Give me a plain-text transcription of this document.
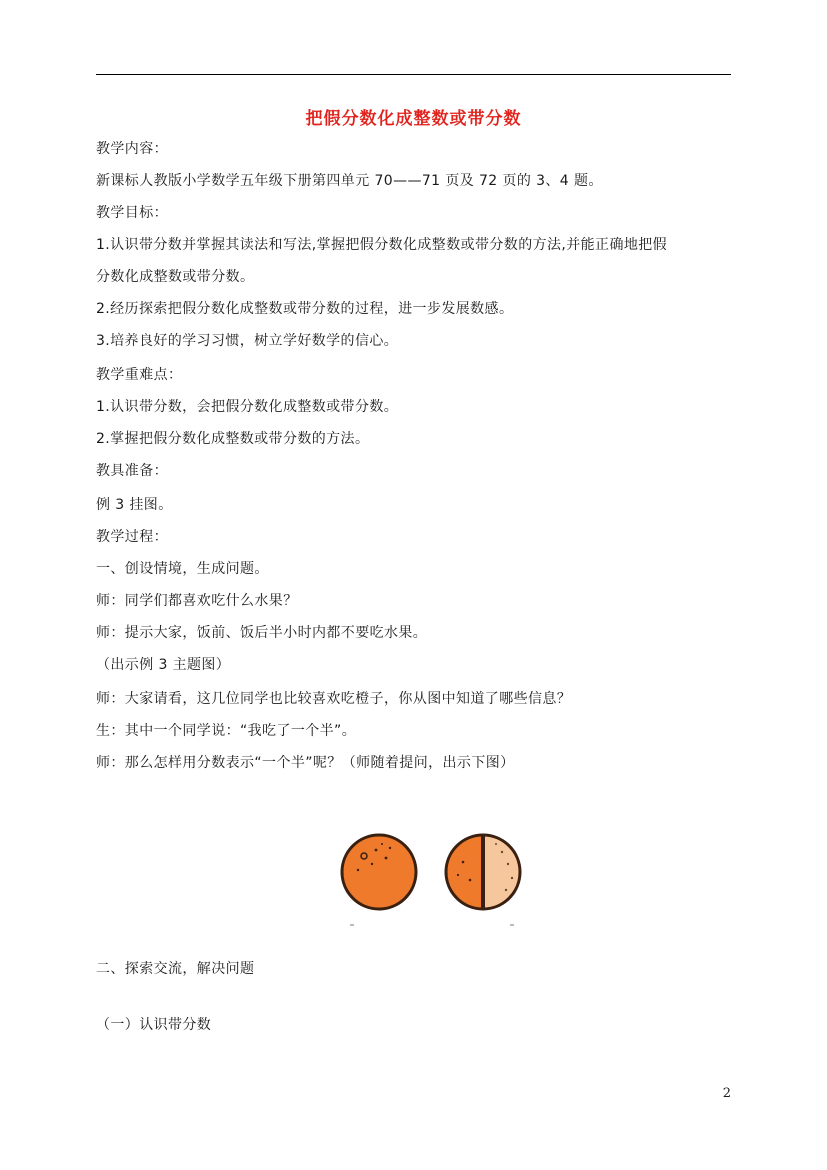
把假分数化成整数或带分数
教学内容：
新课标人教版小学数学五年级下册第四单元 70——71 页及 72 页的 3、4 题。
教学目标：
1.认识带分数并掌握其读法和写法,掌握把假分数化成整数或带分数的方法,并能正确地把假
分数化成整数或带分数。
2.经历探索把假分数化成整数或带分数的过程，进一步发展数感。
3.培养良好的学习习惯，树立学好数学的信心。
教学重难点：
1.认识带分数，会把假分数化成整数或带分数。
2.掌握把假分数化成整数或带分数的方法。
教具准备：
例 3 挂图。
教学过程：
一、创设情境，生成问题。
师：同学们都喜欢吃什么水果？
师：提示大家，饭前、饭后半小时内都不要吃水果。
（出示例 3 主题图）
师：大家请看，这几位同学也比较喜欢吃橙子，你从图中知道了哪些信息？
生：其中一个同学说：“我吃了一个半”。
师：那么怎样用分数表示“一个半”呢？（师随着提问，出示下图）
二、探索交流，解决问题
（一）认识带分数
2
